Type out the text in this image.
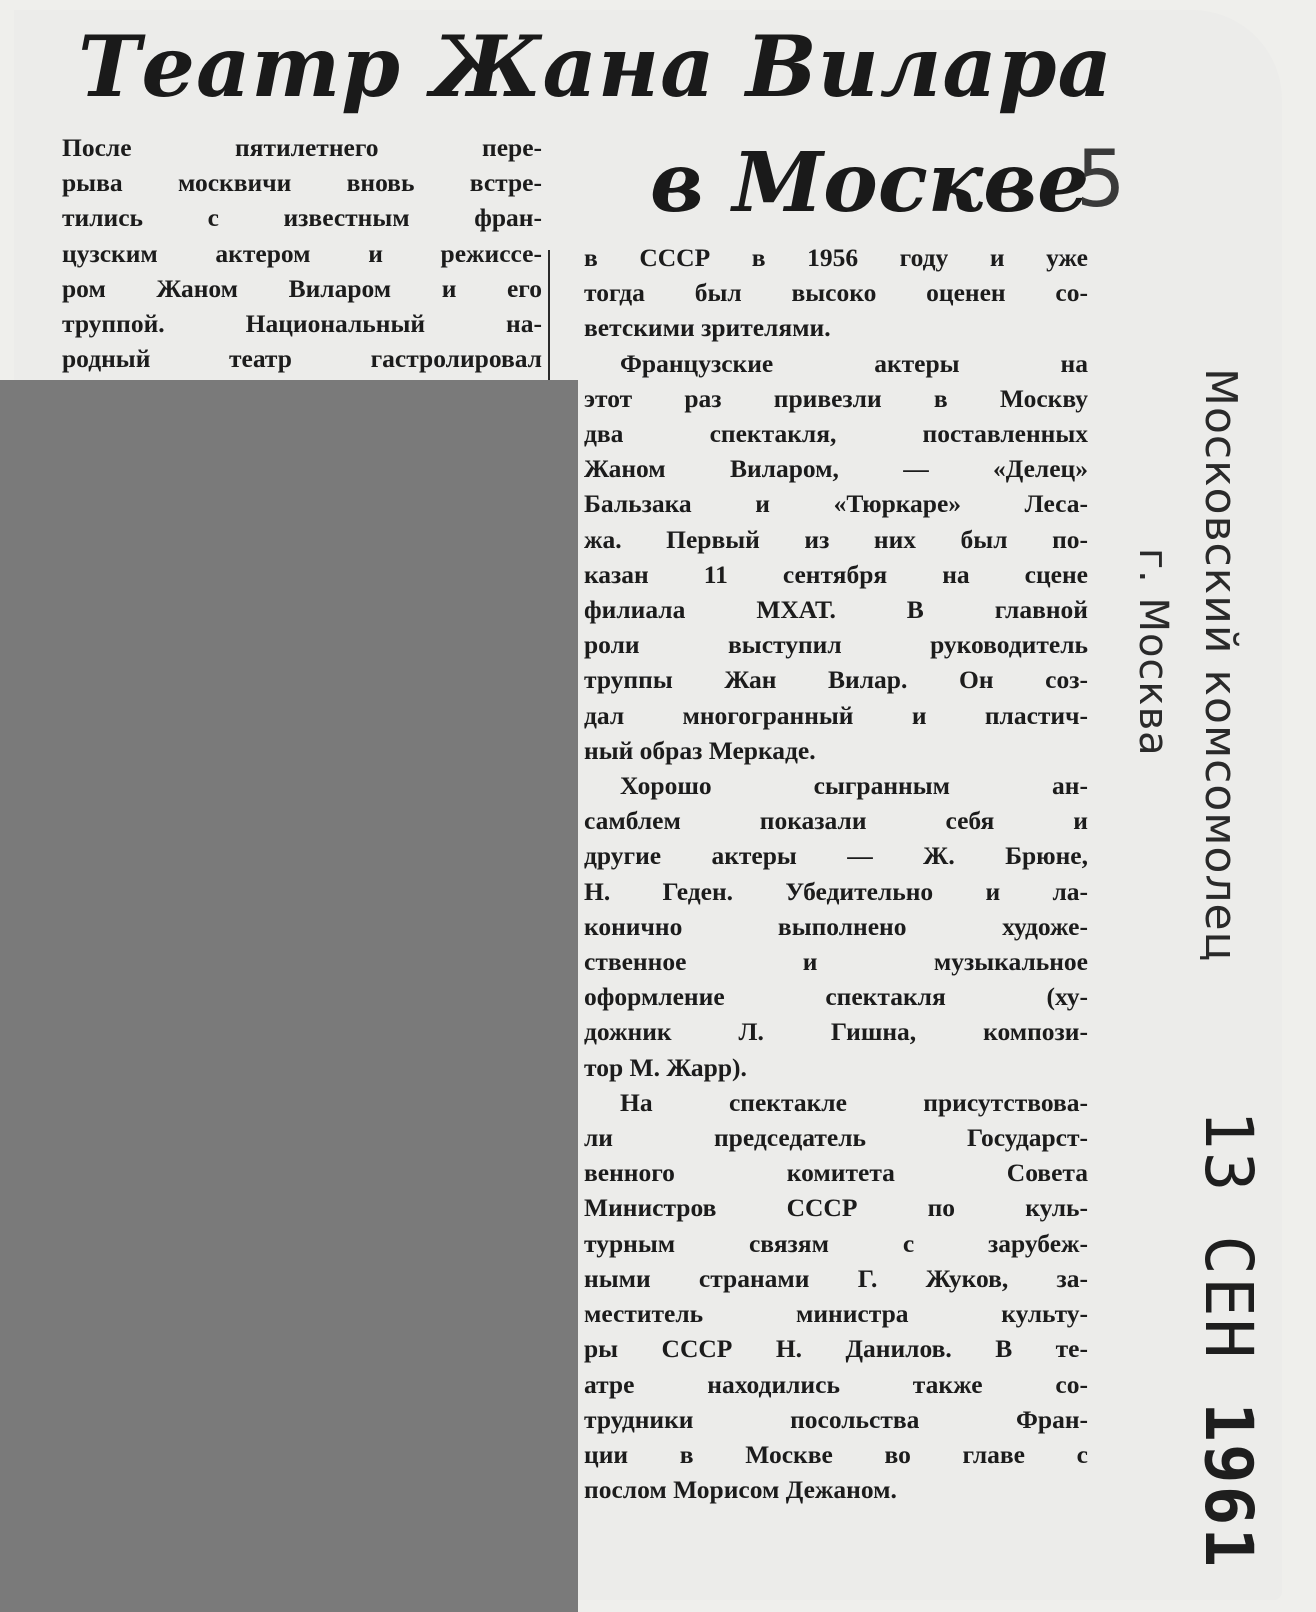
Театр Жана Вилара
в Москве
5
После пятилетнего пере-
рыва москвичи вновь встре-
тились с известным фран-
цузским актером и режиссе-
ром Жаном Виларом и его
труппой. Национальный на-
родный театр гастролировал
в СССР в 1956 году и уже
тогда был высоко оценен со-
ветскими зрителями.
Французские актеры на
этот раз привезли в Москву
два спектакля, поставленных
Жаном Виларом, — «Делец»
Бальзака и «Тюркаре» Леса-
жа. Первый из них был по-
казан 11 сентября на сцене
филиала МХАТ. В главной
роли выступил руководитель
труппы Жан Вилар. Он соз-
дал многогранный и пластич-
ный образ Меркаде.
Хорошо сыгранным ан-
самблем показали себя и
другие актеры — Ж. Брюне,
Н. Геден. Убедительно и ла-
конично выполнено художе-
ственное и музыкальное
оформление спектакля (ху-
дожник Л. Гишна, компози-
тор М. Жарр).
На спектакле присутствова-
ли председатель Государст-
венного комитета Совета
Министров СССР по куль-
турным связям с зарубеж-
ными странами Г. Жуков, за-
меститель министра культу-
ры СССР Н. Данилов. В те-
атре находились также со-
трудники посольства Фран-
ции в Москве во главе с
послом Морисом Дежаном.
Московский комсомолец
г. Москва
13 СЕН 1961
